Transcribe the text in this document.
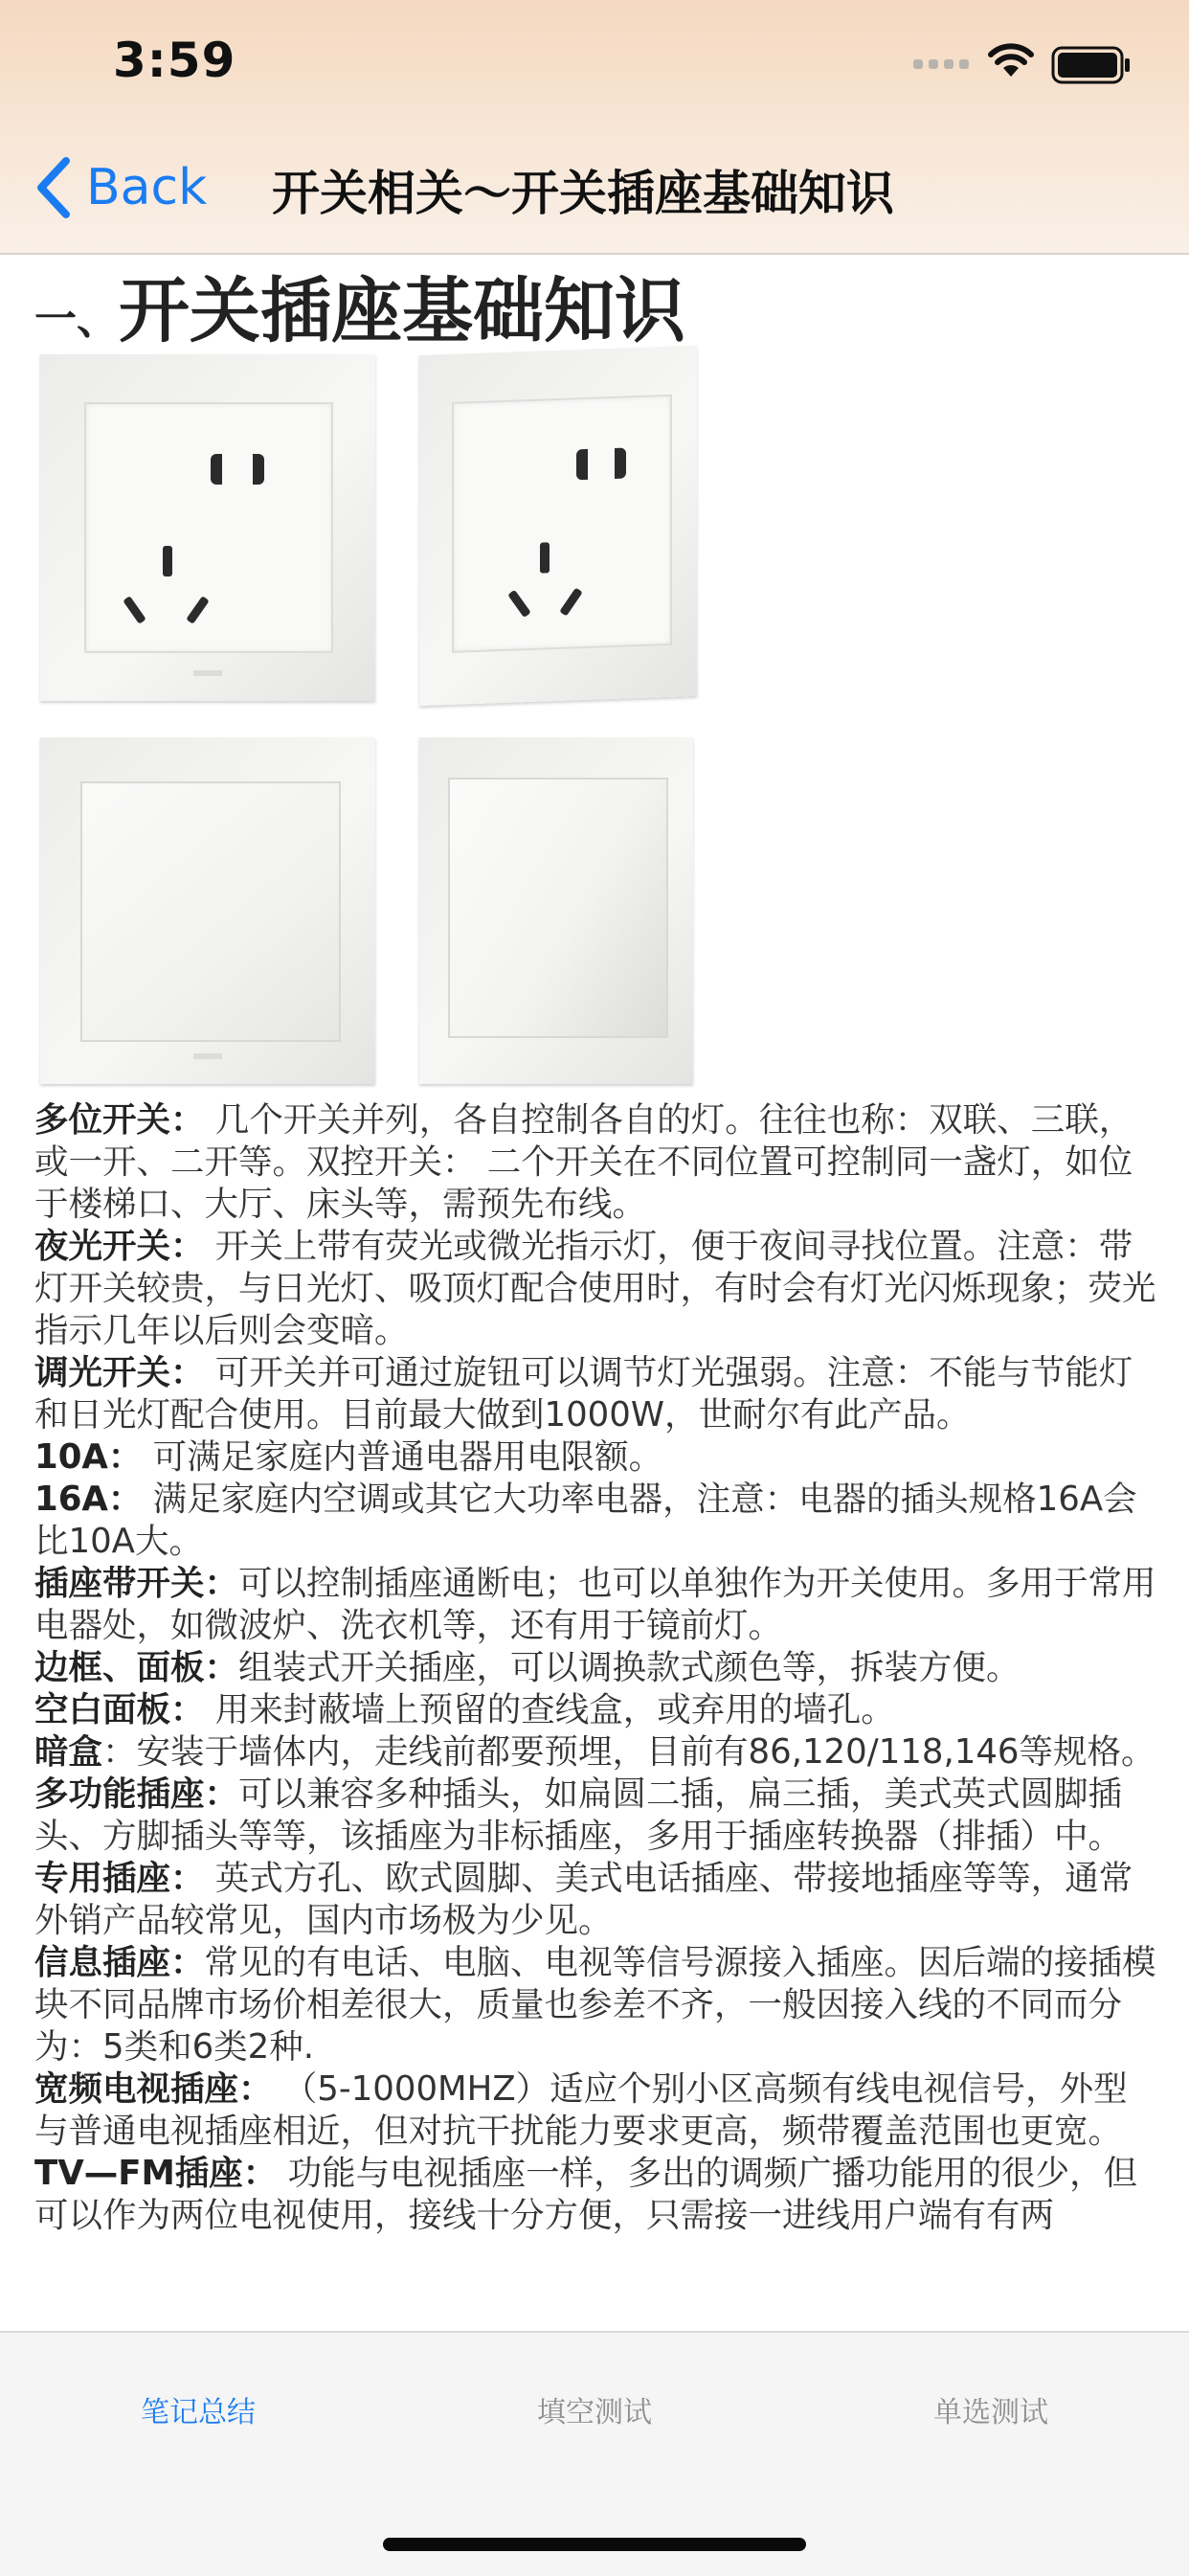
3:59
Back 开关相关～开关插座基础知识
一、开关插座基础知识

多位开关： 几个开关并列，各自控制各自的灯。往往也称：双联、三联，或一开、二开等。双控开关： 二个开关在不同位置可控制同一盏灯，如位于楼梯口、大厅、床头等，需预先布线。

夜光开关： 开关上带有荧光或微光指示灯，便于夜间寻找位置。注意：带灯开关较贵，与日光灯、吸顶灯配合使用时，有时会有灯光闪烁现象；荧光指示几年以后则会变暗。

调光开关： 可开关并可通过旋钮可以调节灯光强弱。注意：不能与节能灯和日光灯配合使用。目前最大做到1000W，世耐尔有此产品。

10A： 可满足家庭内普通电器用电限额。

16A： 满足家庭内空调或其它大功率电器，注意：电器的插头规格16A会比10A大。

插座带开关：可以控制插座通断电；也可以单独作为开关使用。多用于常用电器处，如微波炉、洗衣机等，还有用于镜前灯。

边框、面板：组装式开关插座，可以调换款式颜色等，拆装方便。

空白面板： 用来封蔽墙上预留的查线盒，或弃用的墙孔。

暗盒：安装于墙体内，走线前都要预埋，目前有86,120/118,146等规格。

多功能插座：可以兼容多种插头，如扁圆二插，扁三插，美式英式圆脚插头、方脚插头等等，该插座为非标插座，多用于插座转换器（排插）中。

专用插座： 英式方孔、欧式圆脚、美式电话插座、带接地插座等等，通常外销产品较常见，国内市场极为少见。

信息插座：常见的有电话、电脑、电视等信号源接入插座。因后端的接插模块不同品牌市场价相差很大，质量也参差不齐，一般因接入线的不同而分为：5类和6类2种.

宽频电视插座： （5-1000MHZ）适应个别小区高频有线电视信号，外型与普通电视插座相近，但对抗干扰能力要求更高，频带覆盖范围也更宽。

TV—FM插座： 功能与电视插座一样，多出的调频广播功能用的很少，但可以作为两位电视使用，接线十分方便，只需接一进线用户端有有两

笔记总结	填空测试	单选测试
